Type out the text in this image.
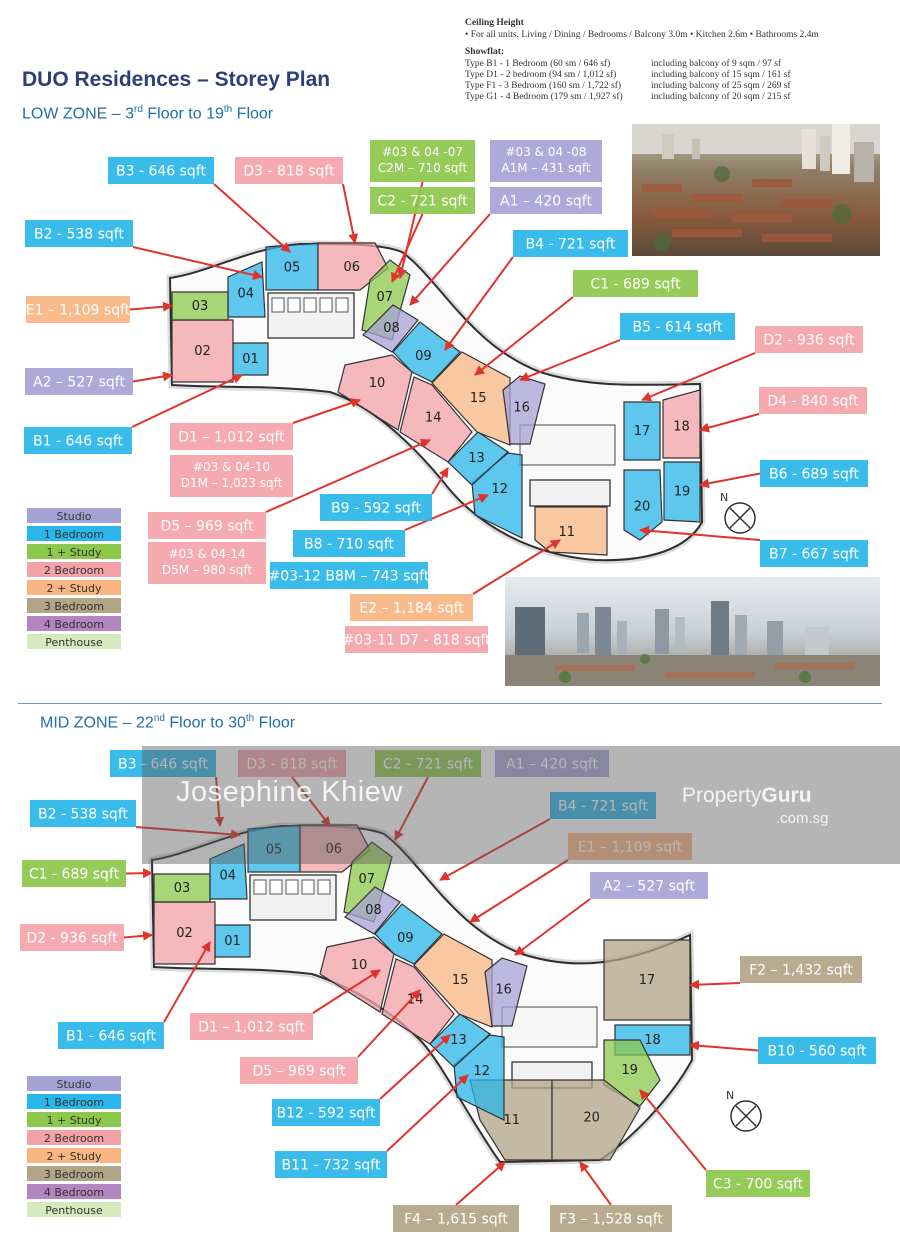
Ceiling Height
• For all units. Living / Dining / Bedrooms / Balcony 3.0m • Kitchen 2.6m • Bathrooms 2.4m
Showflat:
Type B1 - 1 Bedroom (60 sm / 646 sf)	including balcony of 9 sqm / 97 sf
Type D1 - 2 bedroom (94 sm / 1,012 sf)	including balcony of 15 sqm / 161 sf
Type F1 - 3 Bedroom (160 sm / 1,722 sf)	including balcony of 25 sqm / 269 sf
Type G1 - 4 Bedroom (179 sm / 1,927 sf)	including balcony of 20 sqm / 215 sf
DUO Residences – Storey Plan
LOW ZONE – 3rd Floor to 19th Floor
MID ZONE – 22nd Floor to 30th Floor
01
02
03
04
05	06
07
08
09
10
11
12
13
14
15
16
17 18
19
20
01
02
03
04
05	06
07
08
09
10
11
12
13
14
15
16
17
18
19
20
B3 - 646 sqft	D3 - 818 sqft
#03 & 04 -07
C2M – 710 sqft
C2 - 721 sqft
#03 & 04 -08
A1M – 431 sqft
A1 – 420 sqft
B2 - 538 sqft
B4 - 721 sqft
E1 – 1,109 sqft
C1 - 689 sqft
A2 – 527 sqft
B5 - 614 sqft
D2 - 936 sqft
D4 - 840 sqft
B1 - 646 sqft	D1 – 1,012 sqft
#03 & 04-10
D1M – 1,023 sqft
B6 - 689 sqft
B9 - 592 sqft
D5 – 969 sqft
#03 & 04-14
D5M – 980 sqft
B8 - 710 sqft
B7 - 667 sqft
#03-12 B8M – 743 sqft
E2 – 1,184 sqft
#03-11 D7 - 818 sqft
B3 - 646 sqft	D3 - 818 sqft	C2 - 721 sqft A1 – 420 sqft
B2 - 538 sqft	B4 - 721 sqft
E1 – 1,109 sqft
C1 - 689 sqft
A2 – 527 sqft
D2 - 936 sqft
F2 – 1,432 sqft
B1 - 646 sqft
D1 – 1,012 sqft
B10 - 560 sqft
D5 – 969 sqft
B12 - 592 sqft
B11 - 732 sqft
C3 - 700 sqft
F4 – 1,615 sqft	F3 – 1,528 sqft
Studio
1 Bedroom
1 + Study
2 Bedroom
2 + Study
3 Bedroom
4 Bedroom
Penthouse
Studio
1 Bedroom
1 + Study
2 Bedroom
2 + Study
3 Bedroom
4 Bedroom
Penthouse
N
N
Josephine Khiew	PropertyGuru
.com.sg
